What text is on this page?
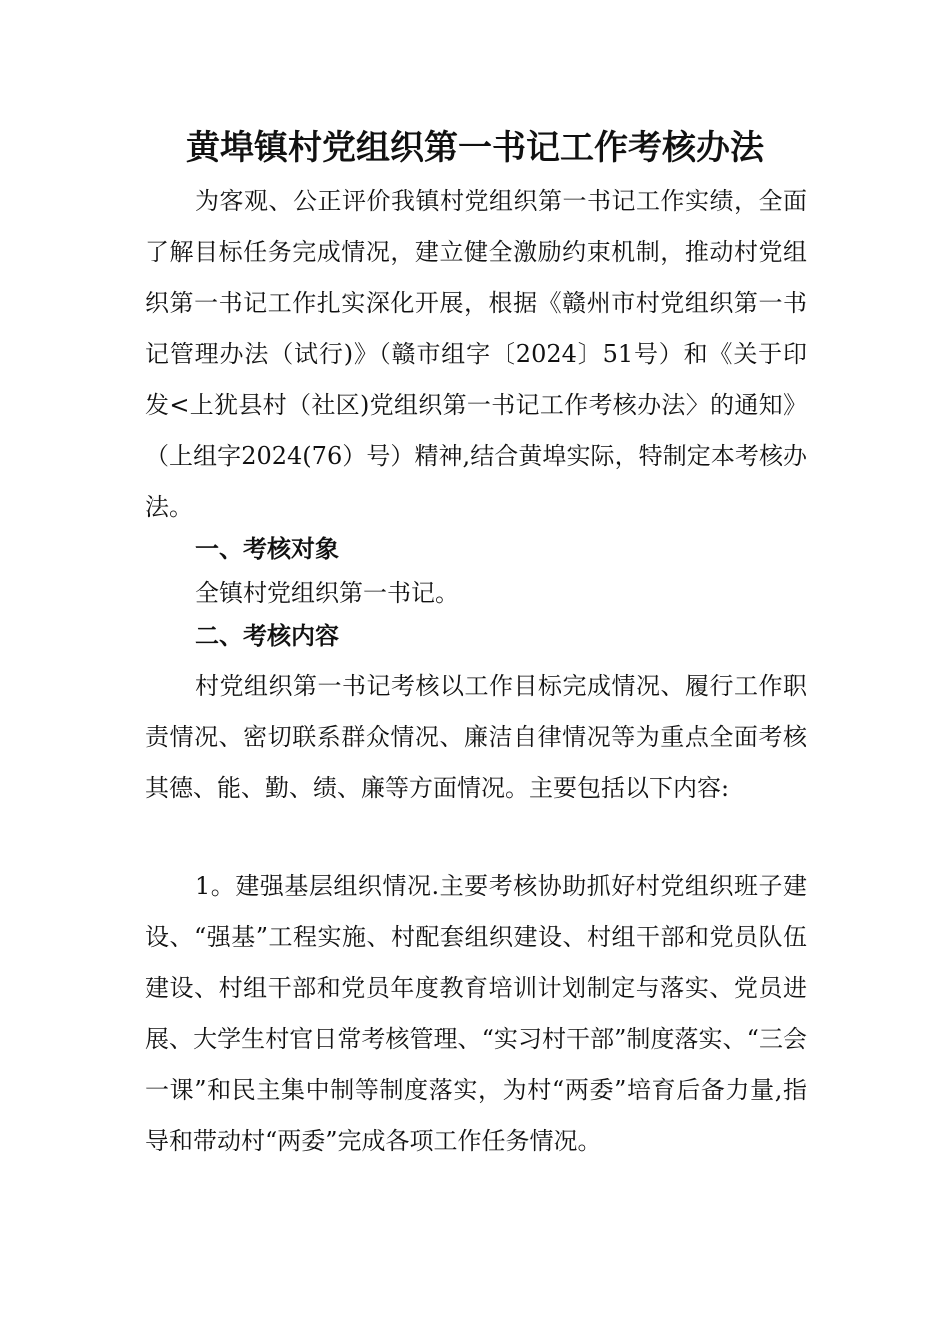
黄埠镇村党组织第一书记工作考核办法

为客观、公正评价我镇村党组织第一书记工作实绩，全面了解目标任务完成情况，建立健全激励约束机制，推动村党组织第一书记工作扎实深化开展，根据《赣州市村党组织第一书记管理办法（试行)》（赣市组字〔2024〕51号）和《关于印发<上犹县村（社区)党组织第一书记工作考核办法〉的通知》（上组字2024(76）号）精神,结合黄埠实际，特制定本考核办法。

一、考核对象

全镇村党组织第一书记。

二、考核内容

村党组织第一书记考核以工作目标完成情况、履行工作职责情况、密切联系群众情况、廉洁自律情况等为重点全面考核其德、能、勤、绩、廉等方面情况。主要包括以下内容:

1。建强基层组织情况.主要考核协助抓好村党组织班子建设、“强基”工程实施、村配套组织建设、村组干部和党员队伍建设、村组干部和党员年度教育培训计划制定与落实、党员进展、大学生村官日常考核管理、“实习村干部”制度落实、“三会一课”和民主集中制等制度落实，为村“两委”培育后备力量,指导和带动村“两委”完成各项工作任务情况。
